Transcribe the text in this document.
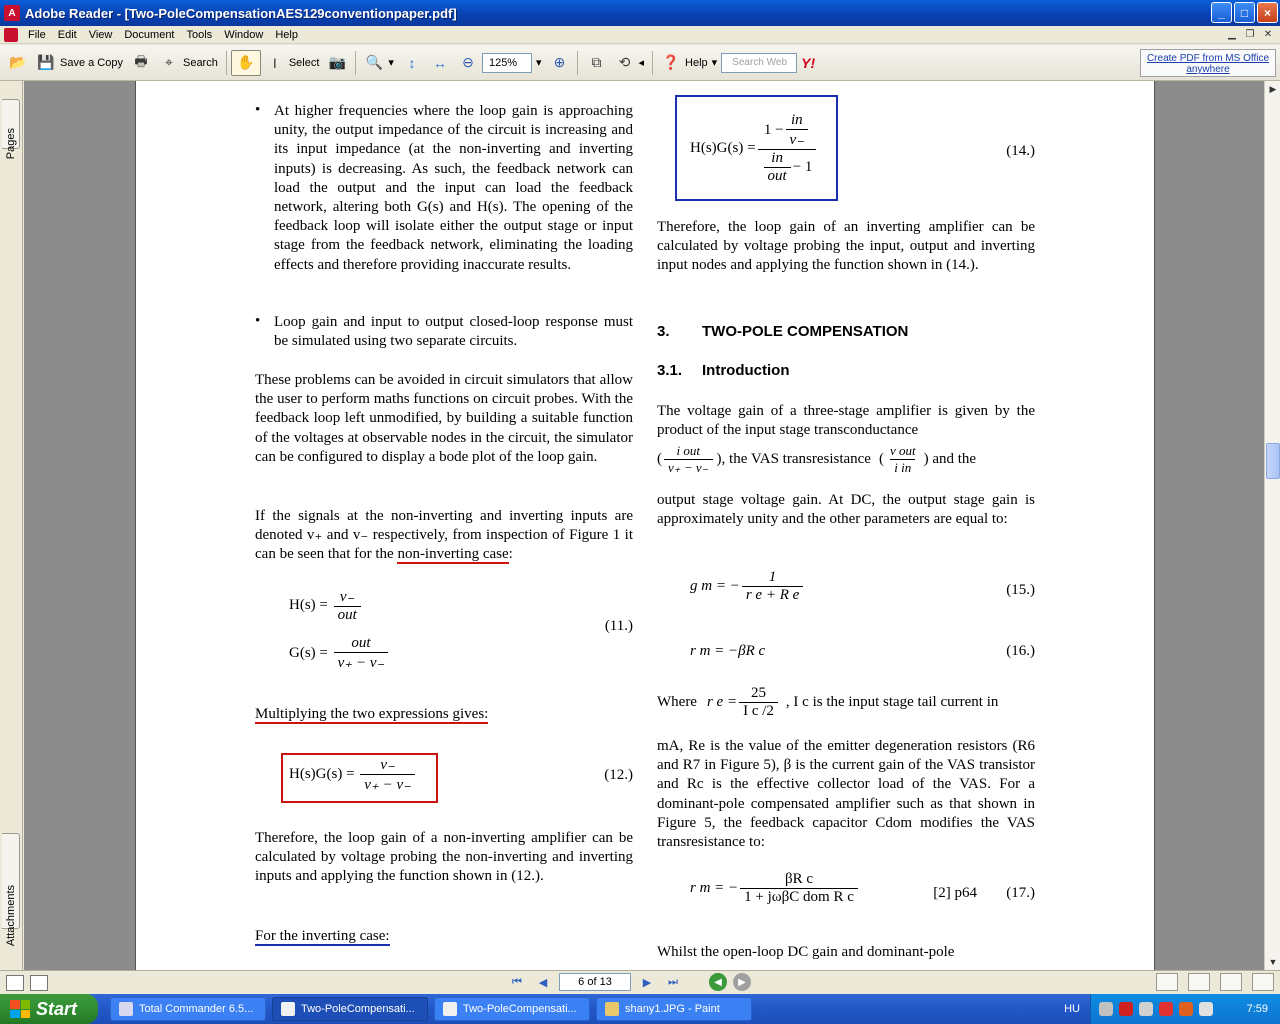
A Adobe Reader - [Two-PoleCompensationAES129conventionpaper.pdf]	_	□	×
File	Edit	View	Document	Tools	Window	Help	▁ ❐ ✕
📂 💾 Save a Copy 🖶	⌖ Search ✋	I	Select 📷 🔍 ▾	↕	↔ ⊖	125%	▾ ⊕	⧉	⟲ ◂ ❓ Help ▾	Search Web	Y!	Create PDF from MS Office anywhere
Pages
Attachments
• At higher frequencies where the loop gain is approaching unity, the output impedance of the circuit is increasing and its input impedance (at the non-inverting and inverting inputs) is decreasing. As such, the feedback network can load the output and the input can load the feedback network, altering both G(s) and H(s). The opening of the feedback loop will isolate either the output stage or input stage from the feedback network, eliminating the loading effects and therefore providing inaccurate results.
• Loop gain and input to output closed-loop response must be simulated using two separate circuits.
These problems can be avoided in circuit simulators that allow the user to perform maths functions on circuit probes. With the feedback loop left unmodified, by building a suitable function of the voltages at observable nodes in the circuit, the simulator can be configured to display a bode plot of the loop gain.
If the signals at the non-inverting and inverting inputs are denoted v₊ and v₋ respectively, from inspection of Figure 1 it can be seen that for the non-inverting case:
$H(s) = \frac{v_-}{\text{out}}$
$G(s) = \frac{\text{out}}{v_+ - v_-}$
(11.)
Multiplying the two expressions gives:
$H(s)G(s) = \frac{v_-}{v_+ - v_-}$	(12.)
Therefore, the loop gain of a non-inverting amplifier can be calculated by voltage probing the non-inverting and inverting inputs and applying the function shown in (12.).
For the inverting case:
$H(s)G(s) = \frac{1 - \frac{in}{v_-}}{\frac{in}{\text{out}} - 1}$	(14.)
Therefore, the loop gain of an inverting amplifier can be calculated by voltage probing the input, output and inverting input nodes and applying the function shown in (14.).
3. TWO-POLE COMPENSATION
3.1. Introduction
The voltage gain of a three-stage amplifier is given by the product of the input stage transconductance
( $\frac{\text{i out}}{v_+ - v_-}$ ), the VAS transresistance ( $\frac{\text{v out}}{\text{i in}}$ ) and the
output stage voltage gain. At DC, the output stage gain is approximately unity and the other parameters are equal to:
g m = − $\frac{1}{\text{r e + R e}}$	(15.)
r m = −βR c	(16.)
Where r $e = \frac{25}{\text{I c /2}}$ , I c is the input stage tail current in
mA, Re is the value of the emitter degeneration resistors (R6 and R7 in Figure 5), β is the current gain of the VAS transistor and Rc is the effective collector load of the VAS. For a dominant-pole compensated amplifier such as that shown in Figure 5, the feedback capacitor Cdom modifies the VAS transresistance to:
r m = − $\frac{\text{βR c}}{\text{1 + jωβC dom R c}}$	[2] p64 (17.)
Whilst the open-loop DC gain and dominant-pole
▶
▼
⏮	◀	6 of 13	▶	⏭	◀	▶
Start	Total Commander 6.5...	Two-PoleCompensati...	Two-PoleCompensati...	shany1.JPG - Paint	HU	7:59
